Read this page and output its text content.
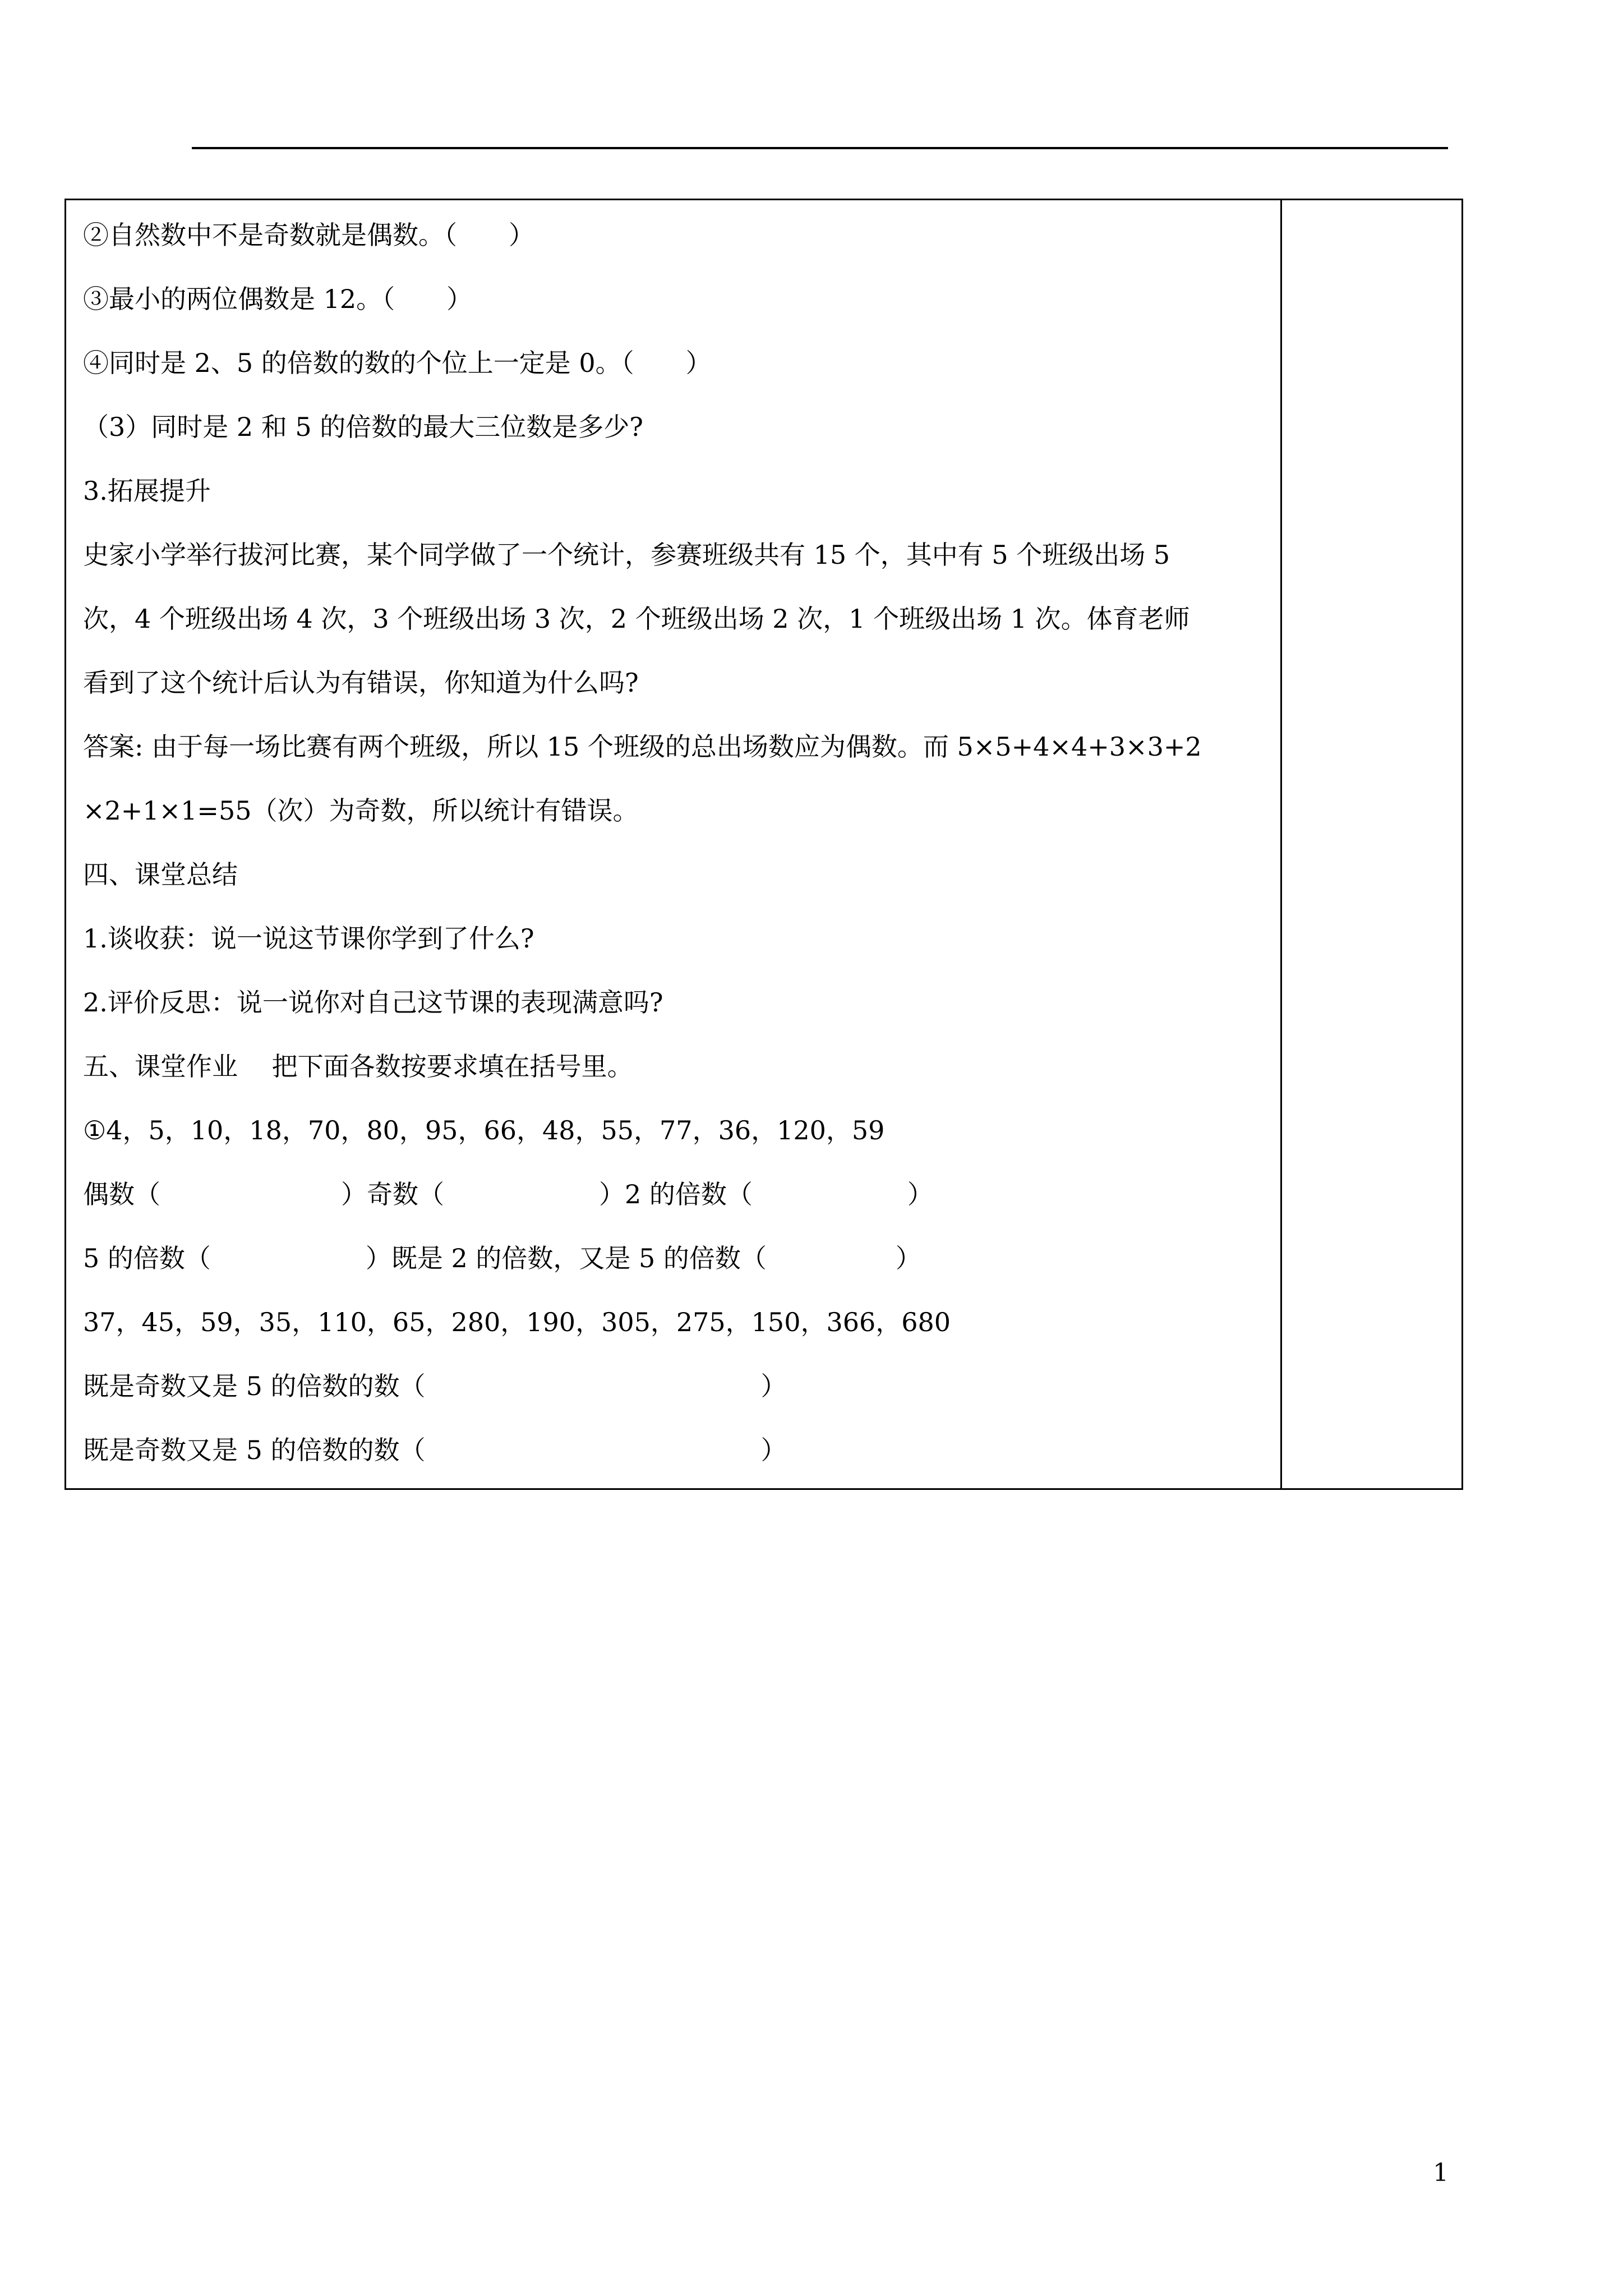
②自然数中不是奇数就是偶数。（　　）
③最小的两位偶数是 12。（　　）
④同时是 2、5 的倍数的数的个位上一定是 0。（　　）
（3）同时是 2 和 5 的倍数的最大三位数是多少?
3.拓展提升
史家小学举行拔河比赛，某个同学做了一个统计，参赛班级共有 15 个，其中有 5 个班级出场 5
次，4 个班级出场 4 次，3 个班级出场 3 次，2 个班级出场 2 次，1 个班级出场 1 次。体育老师
看到了这个统计后认为有错误，你知道为什么吗?
答案: 由于每一场比赛有两个班级，所以 15 个班级的总出场数应为偶数。而 5×5+4×4+3×3+2
×2+1×1=55（次）为奇数，所以统计有错误。
四、课堂总结
1.谈收获：说一说这节课你学到了什么?
2.评价反思：说一说你对自己这节课的表现满意吗?
五、课堂作业　 把下面各数按要求填在括号里。
①4，5，10，18，70，80，95，66，48，55，77，36，120，59
偶数（　　　　　　　）奇数（　　　　　　）2 的倍数（　　　　　　）
5 的倍数（　　　　　　）既是 2 的倍数，又是 5 的倍数（　　　　　）
37，45，59，35，110，65，280，190，305，275，150，366，680
既是奇数又是 5 的倍数的数（　　　　　　　　　　　　　）
既是奇数又是 5 的倍数的数（　　　　　　　　　　　　　）
1
